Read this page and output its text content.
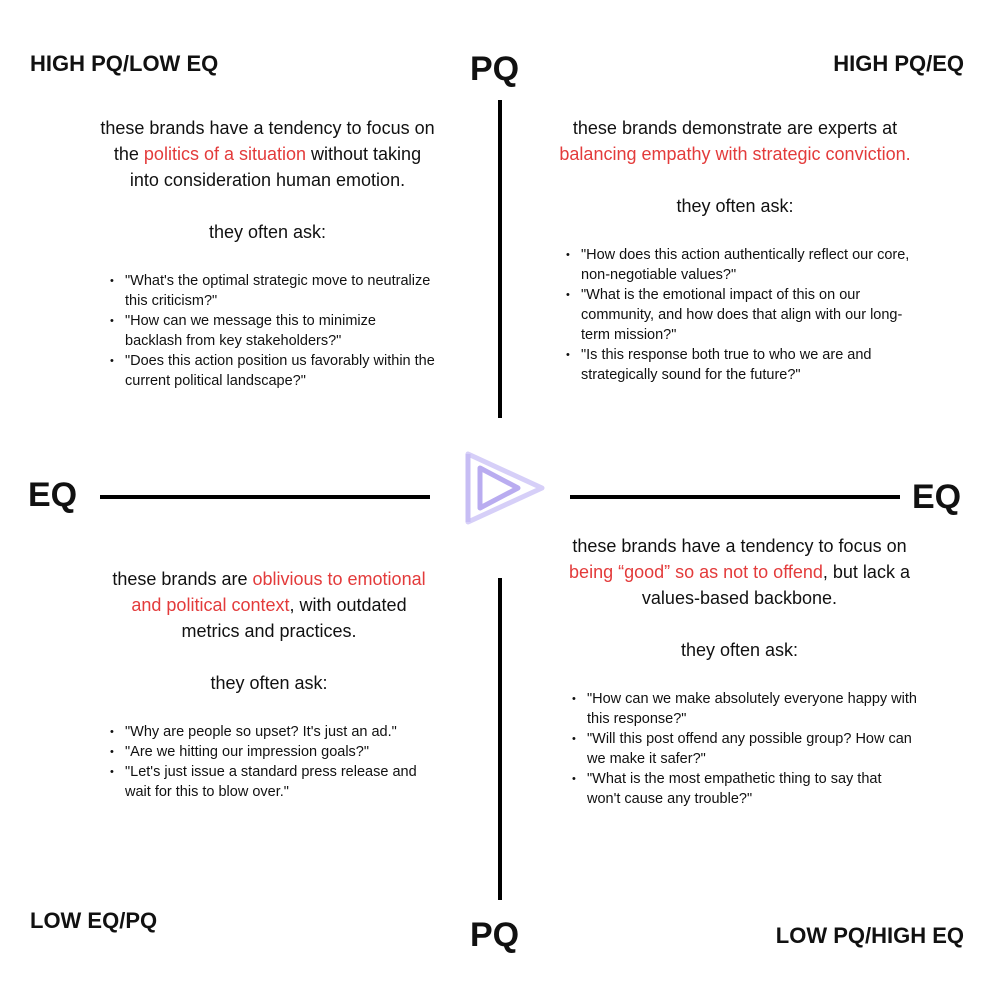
PQ
PQ
EQ	EQ
HIGH PQ/LOW EQ	HIGH PQ/EQ
LOW EQ/PQ
LOW PQ/HIGH EQ

these brands have a tendency to focus on the politics of a situation without taking into consideration human emotion.

they often ask:

• "What's the optimal strategic move to neutralize this criticism?"
• "How can we message this to minimize backlash from key stakeholders?"
• "Does this action position us favorably within the current political landscape?"

these brands demonstrate are experts at balancing empathy with strategic conviction.

they often ask:

• "How does this action authentically reflect our core, non-negotiable values?"
• "What is the emotional impact of this on our community, and how does that align with our long-term mission?"
• "Is this response both true to who we are and strategically sound for the future?"

these brands are oblivious to emotional and political context, with outdated metrics and practices.

they often ask:

• "Why are people so upset? It's just an ad."
• "Are we hitting our impression goals?"
• "Let's just issue a standard press release and wait for this to blow over."

these brands have a tendency to focus on being “good” so as not to offend, but lack a values-based backbone.

they often ask:

• "How can we make absolutely everyone happy with this response?"
• "Will this post offend any possible group? How can we make it safer?"
• "What is the most empathetic thing to say that won't cause any trouble?"
